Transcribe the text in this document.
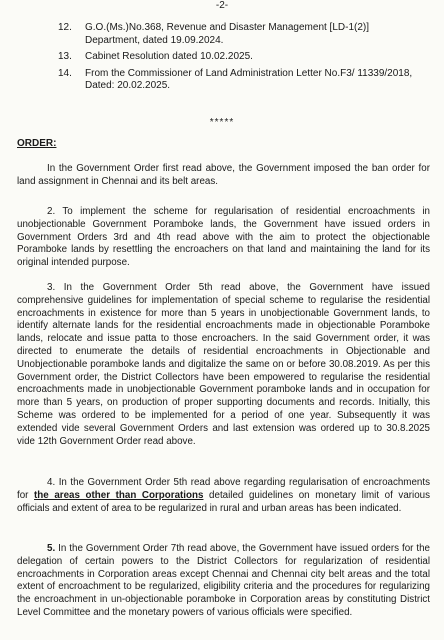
-2-
12. G.O.(Ms.)No.368, Revenue and Disaster Management [LD-1(2)] Department, dated 19.09.2024.
13. Cabinet Resolution dated 10.02.2025.
14. From the Commissioner of Land Administration Letter No.F3/ 11339/2018, Dated: 20.02.2025.
*****
ORDER:

In the Government Order first read above, the Government imposed the ban order for land assignment in Chennai and its belt areas.

2. To implement the scheme for regularisation of residential encroachments in unobjectionable Government Poramboke lands, the Government have issued orders in Government Orders 3rd and 4th read above with the aim to protect the objectionable Poramboke lands by resettling the encroachers on that land and maintaining the land for its original intended purpose.

3. In the Government Order 5th read above, the Government have issued comprehensive guidelines for implementation of special scheme to regularise the residential encroachments in existence for more than 5 years in unobjectionable Government lands, to identify alternate lands for the residential encroachments made in objectionable Poramboke lands, relocate and issue patta to those encroachers. In the said Government order, it was directed to enumerate the details of residential encroachments in Objectionable and Unobjectionable poramboke lands and digitalize the same on or before 30.08.2019. As per this Government order, the District Collectors have been empowered to regularise the residential encroachments made in unobjectionable Government poramboke lands and in occupation for more than 5 years, on production of proper supporting documents and records. Initially, this Scheme was ordered to be implemented for a period of one year. Subsequently it was extended vide several Government Orders and last extension was ordered up to 30.8.2025 vide 12th Government Order read above.

4. In the Government Order 5th read above regarding regularisation of encroachments for the areas other than Corporations detailed guidelines on monetary limit of various officials and extent of area to be regularized in rural and urban areas has been indicated.

5. In the Government Order 7th read above, the Government have issued orders for the delegation of certain powers to the District Collectors for regularization of residential encroachments in Corporation areas except Chennai and Chennai city belt areas and the total extent of encroachment to be regularized, eligibility criteria and the procedures for regularizing the encroachment in un-objectionable poramboke in Corporation areas by constituting District Level Committee and the monetary powers of various officials were specified.
